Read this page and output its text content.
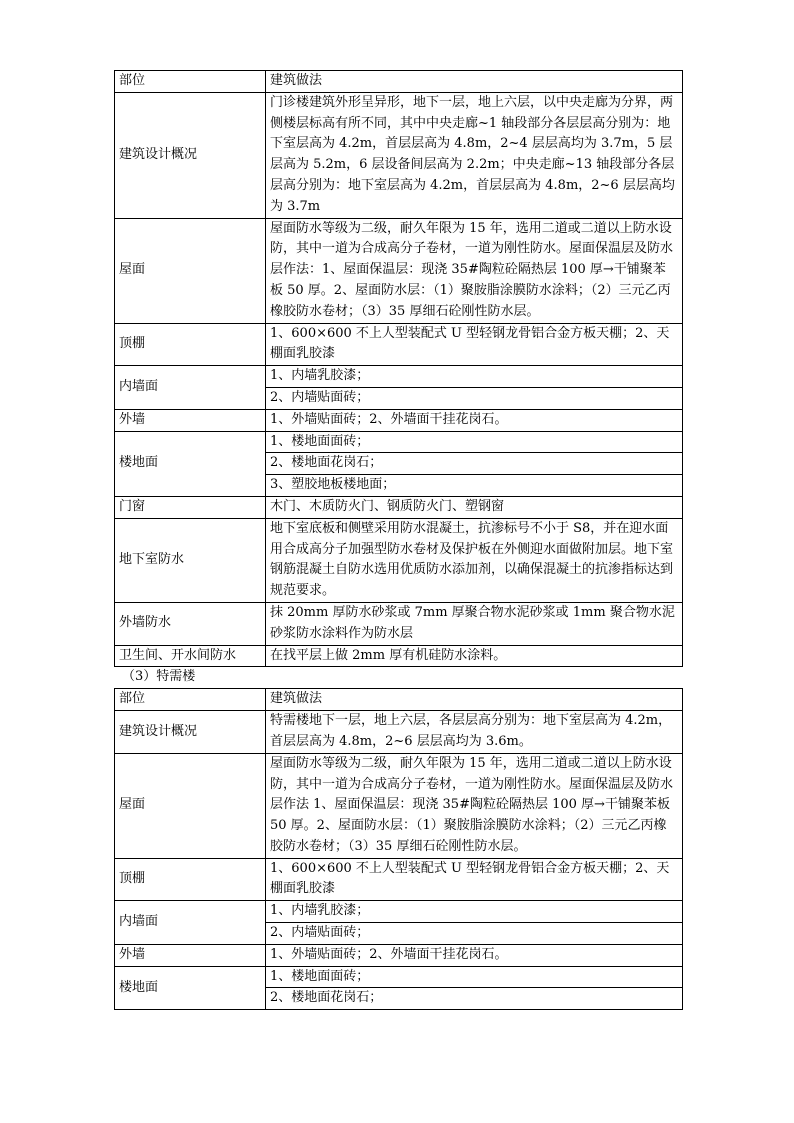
部位	建筑做法
建筑设计概况	门诊楼建筑外形呈异形，地下一层，地上六层，以中央走廊为分界，两侧楼层标高有所不同，其中中央走廊~1 轴段部分各层层高分别为：地下室层高为 4.2m，首层层高为 4.8m，2~4 层层高均为 3.7m，5 层层高为 5.2m，6 层设备间层高为 2.2m；中央走廊~13 轴段部分各层层高分别为：地下室层高为 4.2m，首层层高为 4.8m，2~6 层层高均为 3.7m
屋面	屋面防水等级为二级，耐久年限为 15 年，选用二道或二道以上防水设防，其中一道为合成高分子卷材，一道为刚性防水。屋面保温层及防水层作法：1、屋面保温层：现浇 35#陶粒砼隔热层 100 厚→干铺聚苯板 50 厚。2、屋面防水层：（1）聚胺脂涂膜防水涂料；（2）三元乙丙橡胶防水卷材；（3）35 厚细石砼刚性防水层。
顶棚	1、600×600 不上人型装配式 U 型轻钢龙骨铝合金方板天棚；2、天棚面乳胶漆
内墙面	1、内墙乳胶漆；
	2、内墙贴面砖；
外墙	1、外墙贴面砖；2、外墙面干挂花岗石。
楼地面	1、楼地面面砖；
	2、楼地面花岗石；
	3、塑胶地板楼地面；
门窗	木门、木质防火门、钢质防火门、塑钢窗
地下室防水	地下室底板和侧壁采用防水混凝土，抗渗标号不小于 S8，并在迎水面用合成高分子加强型防水卷材及保护板在外侧迎水面做附加层。地下室钢筋混凝土自防水选用优质防水添加剂，以确保混凝土的抗渗指标达到规范要求。
外墙防水	抹 20mm 厚防水砂浆或 7mm 厚聚合物水泥砂浆或 1mm 聚合物水泥砂浆防水涂料作为防水层
卫生间、开水间防水	在找平层上做 2mm 厚有机硅防水涂料。
（3）特需楼
部位	建筑做法
建筑设计概况	特需楼地下一层，地上六层，各层层高分别为：地下室层高为 4.2m，首层层高为 4.8m，2~6 层层高均为 3.6m。
屋面	屋面防水等级为二级，耐久年限为 15 年，选用二道或二道以上防水设防，其中一道为合成高分子卷材，一道为刚性防水。屋面保温层及防水层作法 1、屋面保温层：现浇 35#陶粒砼隔热层 100 厚→干铺聚苯板 50 厚。2、屋面防水层：（1）聚胺脂涂膜防水涂料；（2）三元乙丙橡胶防水卷材；（3）35 厚细石砼刚性防水层。
顶棚	1、600×600 不上人型装配式 U 型轻钢龙骨铝合金方板天棚；2、天棚面乳胶漆
内墙面	1、内墙乳胶漆；
	2、内墙贴面砖；
外墙	1、外墙贴面砖；2、外墙面干挂花岗石。
楼地面	1、楼地面面砖；
	2、楼地面花岗石；
